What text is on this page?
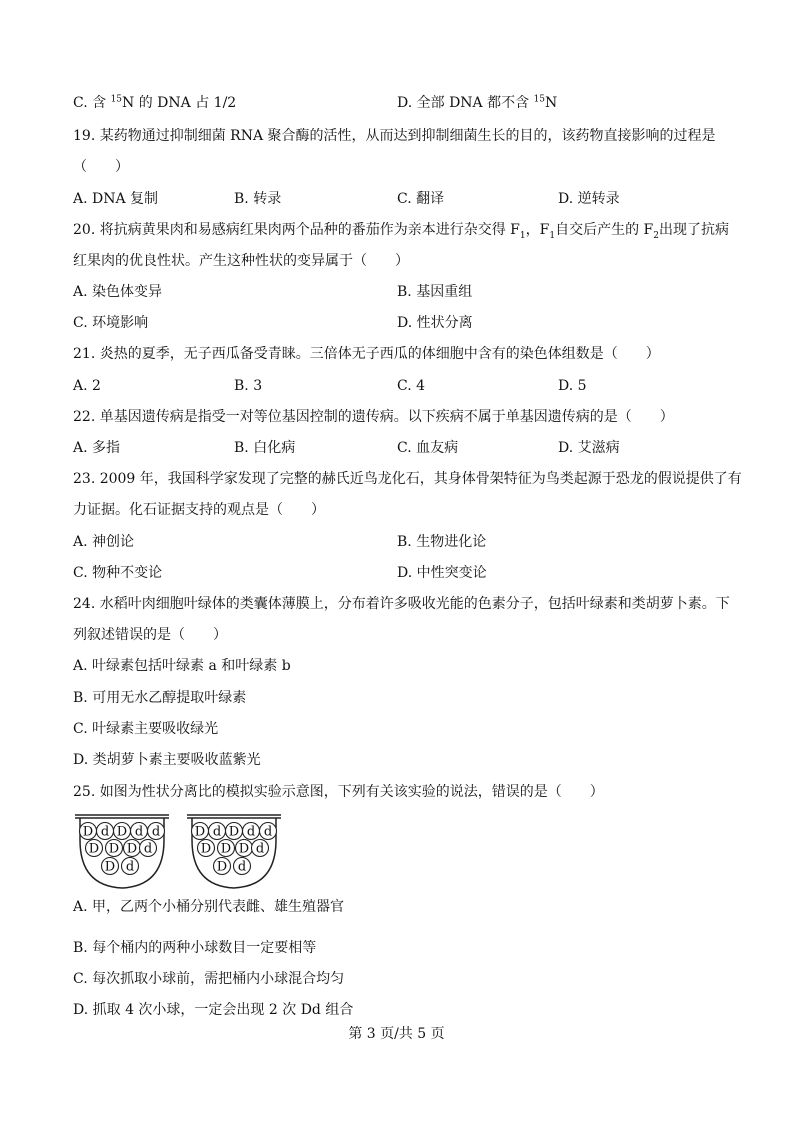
C. 含 $^{15}$N 的 DNA 占 1/2	D. 全部 DNA 都不含 $^{15}$N
19. 某药物通过抑制细菌 RNA 聚合酶的活性，从而达到抑制细菌生长的目的，该药物直接影响的过程是
（　　）
A. DNA 复制	B. 转录	C. 翻译	D. 逆转录
20. 将抗病黄果肉和易感病红果肉两个品种的番茄作为亲本进行杂交得 $F_1$，$F_1$自交后产生的 $F_2$出现了抗病
红果肉的优良性状。产生这种性状的变异属于（　　）
A. 染色体变异	B. 基因重组
C. 环境影响	D. 性状分离
21. 炎热的夏季，无子西瓜备受青睐。三倍体无子西瓜的体细胞中含有的染色体组数是（　　）
A. 2	B. 3	C. 4	D. 5
22. 单基因遗传病是指受一对等位基因控制的遗传病。以下疾病不属于单基因遗传病的是（　　）
A. 多指	B. 白化病	C. 血友病	D. 艾滋病
23. 2009 年，我国科学家发现了完整的赫氏近鸟龙化石，其身体骨架特征为鸟类起源于恐龙的假说提供了有
力证据。化石证据支持的观点是（　　）
A. 神创论	B. 生物进化论
C. 物种不变论	D. 中性突变论
24. 水稻叶肉细胞叶绿体的类囊体薄膜上，分布着许多吸收光能的色素分子，包括叶绿素和类胡萝卜素。下
列叙述错误的是（　　）
A. 叶绿素包括叶绿素 a 和叶绿素 b
B. 可用无水乙醇提取叶绿素
C. 叶绿素主要吸收绿光
D. 类胡萝卜素主要吸收蓝紫光
25. 如图为性状分离比的模拟实验示意图，下列有关该实验的说法，错误的是（　　）
D d D d d
D D D d
D d
D d D d d
D D D d
D d
A. 甲，乙两个小桶分别代表雌、雄生殖器官
B. 每个桶内的两种小球数目一定要相等
C. 每次抓取小球前，需把桶内小球混合均匀
D. 抓取 4 次小球，一定会出现 2 次 Dd 组合
第 3 页/共 5 页
